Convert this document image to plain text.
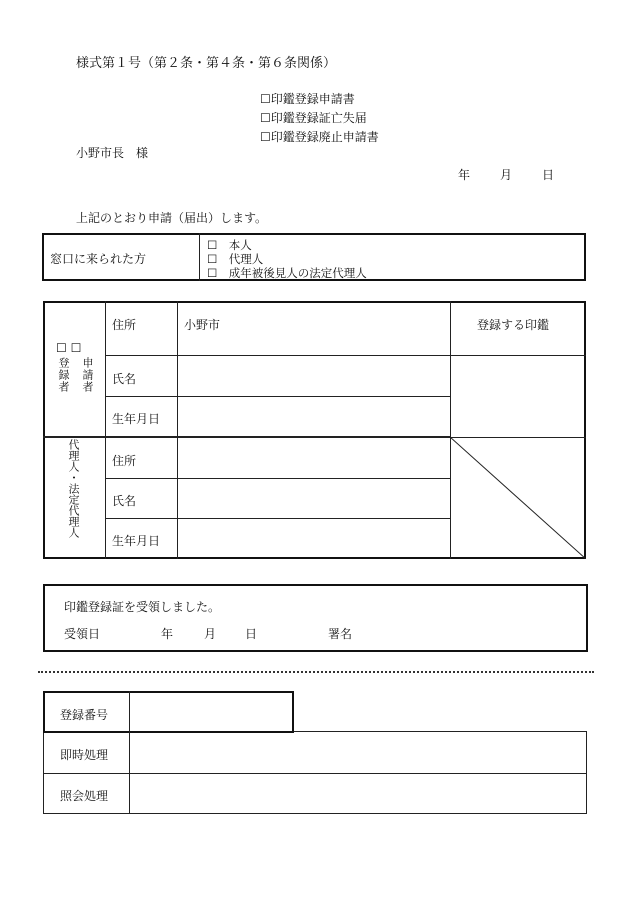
様式第１号（第２条・第４条・第６条関係）
☐印鑑登録申請書
☐印鑑登録証亡失届
☐印鑑登録廃止申請書
小野市長　様
年 月 日
上記のとおり申請（届出）します。
窓口に来られた方
☐　本人
☐　代理人
☐　成年被後見人の法定代理人
☐ ☐
登録者 申請者
住所	小野市	登録する印鑑
氏名
生年月日
代理人・法定代理人	住所
氏名
生年月日
印鑑登録証を受領しました。
受領日	年	月 日	署名
登録番号
即時処理
照会処理
